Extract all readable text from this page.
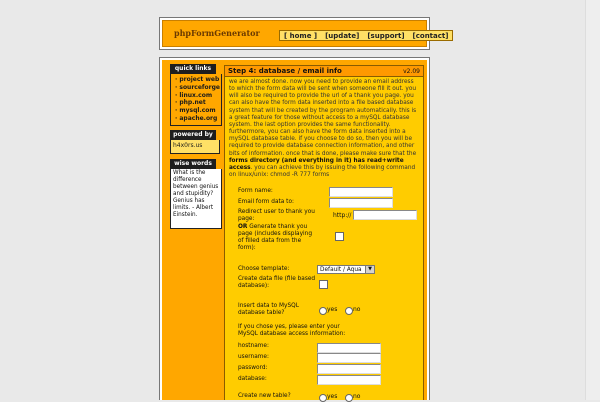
phpFormGenerator	[ home ]	[update]	[support]	[contact]
quick links
· project web
· sourceforge
· linux.com
· php.net
· mysql.com
· apache.org
powered by
h4x0rs.us
wise words
What is the difference between genius and stupidity? Genius has limits. - Albert Einstein.
Step 4: database / email info	v2.09
we are almost done. now you need to provide an email address to which the form data will be sent when someone fill it out. you will also be required to provide the url of a thank you page. you can also have the form data inserted into a file based database system that will be created by the program automatically. this is a great feature for those without access to a mySQL database system. the last option provides the same functionality. furthermore, you can also have the form data inserted into a mySQL database table. if you choose to do so, then you will be required to provide database connection information, and other bits of information. once that is done, please make sure that the forms directory (and everything in it) has read+write access. you can achieve this by issuing the following command on linux/unix: chmod -R 777 forms
Form name:
Email form data to:
Redirect user to thank you page:	http://
OR Generate thank you page (includes displaying of filled data from the form):
Choose template:	Default / Aqua	▼
Create data file (file based database):
Insert data to MySQL database table?	yes	no
If you chose yes, please enter your MySQL database access information:
hostname:
username:
password:
database:
Create new table?	yes	no
